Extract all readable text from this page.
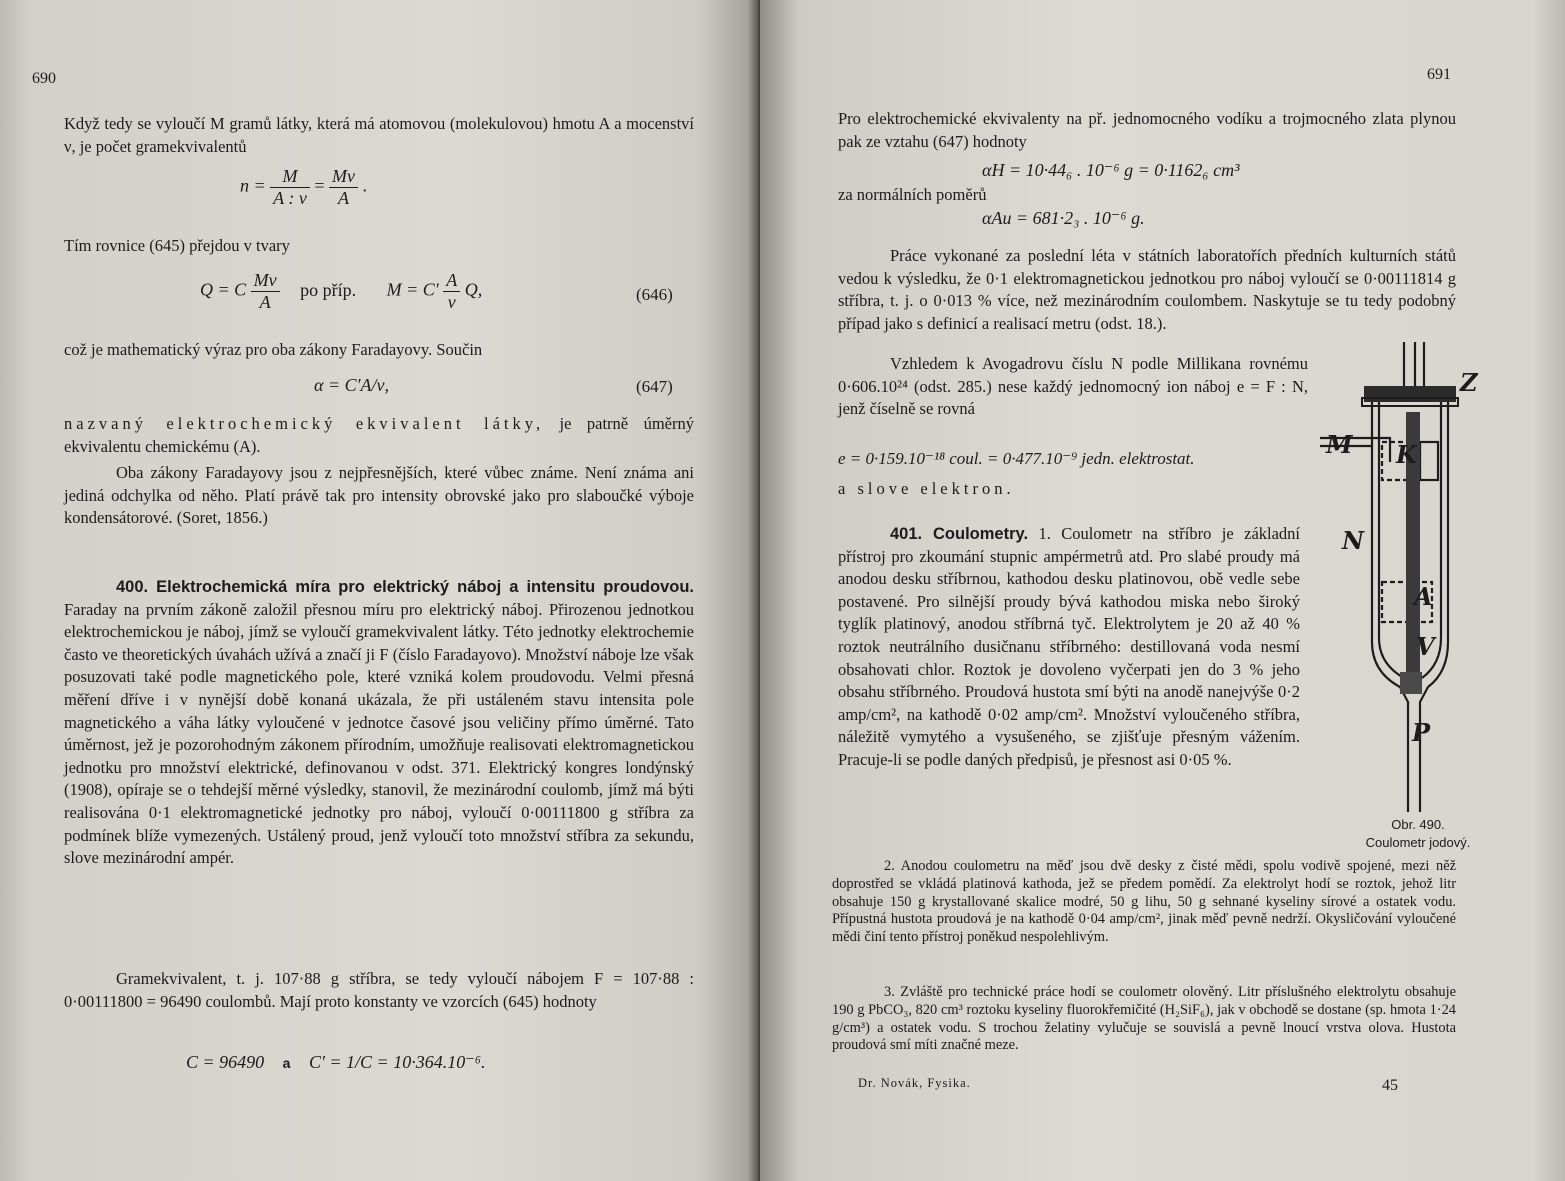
690

Když tedy se vyloučí M gramů látky, která má atomovou (molekulovou) hmotu A a mocenství ν, je počet gramekvivalentů

$n = \frac{M}{A : \nu} = \frac{M\nu}{A}$ .

Tím rovnice (645) přejdou v tvary

Q = C $\frac{M\nu}{A}$ po příp. $M = C' \frac{A}{\nu} Q$,	(646)

což je mathematický výraz pro oba zákony Faradayovy. Součin

α = C′A/ν,	(647)

nazvaný elektrochemický ekvivalent látky, je patrně úměrný ekvivalentu chemickému (A).

Oba zákony Faradayovy jsou z nejpřesnějších, které vůbec známe. Není známa ani jediná odchylka od něho. Platí právě tak pro intensity obrovské jako pro slaboučké výboje kondensátorové. (Soret, 1856.)

400. Elektrochemická míra pro elektrický náboj a intensitu proudovou. Faraday na prvním zákoně založil přesnou míru pro elektrický náboj. Přirozenou jednotkou elektrochemickou je náboj, jímž se vyloučí gramekvivalent látky. Této jednotky elektrochemie často ve theoretických úvahách užívá a značí ji F (číslo Faradayovo). Množství náboje lze však posuzovati také podle magnetického pole, které vzniká kolem proudovodu. Velmi přesná měření dříve i v nynější době konaná ukázala, že při ustáleném stavu intensita pole magnetického a váha látky vyloučené v jednotce časové jsou veličiny přímo úměrné. Tato úměrnost, jež je pozorohodným zákonem přírodním, umožňuje realisovati elektromagnetickou jednotku pro množství elektrické, definovanou v odst. 371. Elektrický kongres londýnský (1908), opíraje se o tehdejší měrné výsledky, stanovil, že mezinárodní coulomb, jímž má býti realisována 0·1 elektromagnetické jednotky pro náboj, vyloučí 0·00111800 g stříbra za podmínek blíže vymezených. Ustálený proud, jenž vyloučí toto množství stříbra za sekundu, slove mezinárodní ampér.

Gramekvivalent, t. j. 107·88 g stříbra, se tedy vyloučí nábojem F = 107·88 : 0·00111800 = 96490 coulombů. Mají proto konstanty ve vzorcích (645) hodnoty

C = 96490 a C′ = 1/C = 10·364.10⁻⁶.
691

Pro elektrochemické ekvivalenty na př. jednomocného vodíku a trojmocného zlata plynou pak ze vztahu (647) hodnoty

αH = 10·44₆ . 10⁻⁶ g = 0·1162₆ cm³

za normálních poměrů

αAu = 681·2₃ . 10⁻⁶ g.

Práce vykonané za poslední léta v státních laboratořích předních kulturních států vedou k výsledku, že 0·1 elektromagnetickou jednotkou pro náboj vyloučí se 0·00111814 g stříbra, t. j. o 0·013 % více, než mezinárodním coulombem. Naskytuje se tu tedy podobný případ jako s definicí a realisací metru (odst. 18.).

Vzhledem k Avogadrovu číslu N podle Millikana rovnému 0·606.10²⁴ (odst. 285.) nese každý jednomocný ion náboj e = F : N, jenž číselně se rovná

e = 0·159.10⁻¹⁸ coul. = 0·477.10⁻⁹ jedn. elektrostat.

a slove elektron.

401. Coulometry. 1. Coulometr na stříbro je základní přístroj pro zkoumání stupnic ampérmetrů atd. Pro slabé proudy má anodou desku stříbrnou, kathodou desku platinovou, obě vedle sebe postavené. Pro silnější proudy bývá kathodou miska nebo široký tyglík platinový, anodou stříbrná tyč. Elektrolytem je 20 až 40 % roztok neutrálního dusičnanu stříbrného: destillovaná voda nesmí obsahovati chlor. Roztok je dovoleno vyčerpati jen do 3 % jeho obsahu stříbrného. Proudová hustota smí býti na anodě nanejvýše 0·2 amp/cm², na kathodě 0·02 amp/cm². Množství vyloučeného stříbra, náležitě vymytého a vysušeného, se zjišťuje přesným vážením. Pracuje-li se podle daných předpisů, je přesnost asi 0·05 %.

Z
M K
N
A
V
P
Obr. 490.
Coulometr jodový.

2. Anodou coulometru na měď jsou dvě desky z čisté mědi, spolu vodivě spojené, mezi něž doprostřed se vkládá platinová kathoda, jež se předem pomědí. Za elektrolyt hodí se roztok, jehož litr obsahuje 150 g krystallované skalice modré, 50 g lihu, 50 g sehnané kyseliny sírové a ostatek vodu. Přípustná hustota proudová je na kathodě 0·04 amp/cm², jinak měď pevně nedrží. Okysličování vyloučené mědi činí tento přístroj poněkud nespolehlivým.

3. Zvláště pro technické práce hodí se coulometr olověný. Litr příslušného elektrolytu obsahuje 190 g PbCO₃, 820 cm³ roztoku kyseliny fluorokřemičité (H₂SiF₆), jak v obchodě se dostane (sp. hmota 1·24 g/cm³) a ostatek vodu. S trochou želatiny vylučuje se souvislá a pevně lnoucí vrstva olova. Hustota proudová smí míti značné meze.

Dr. Novák, Fysika.	45
